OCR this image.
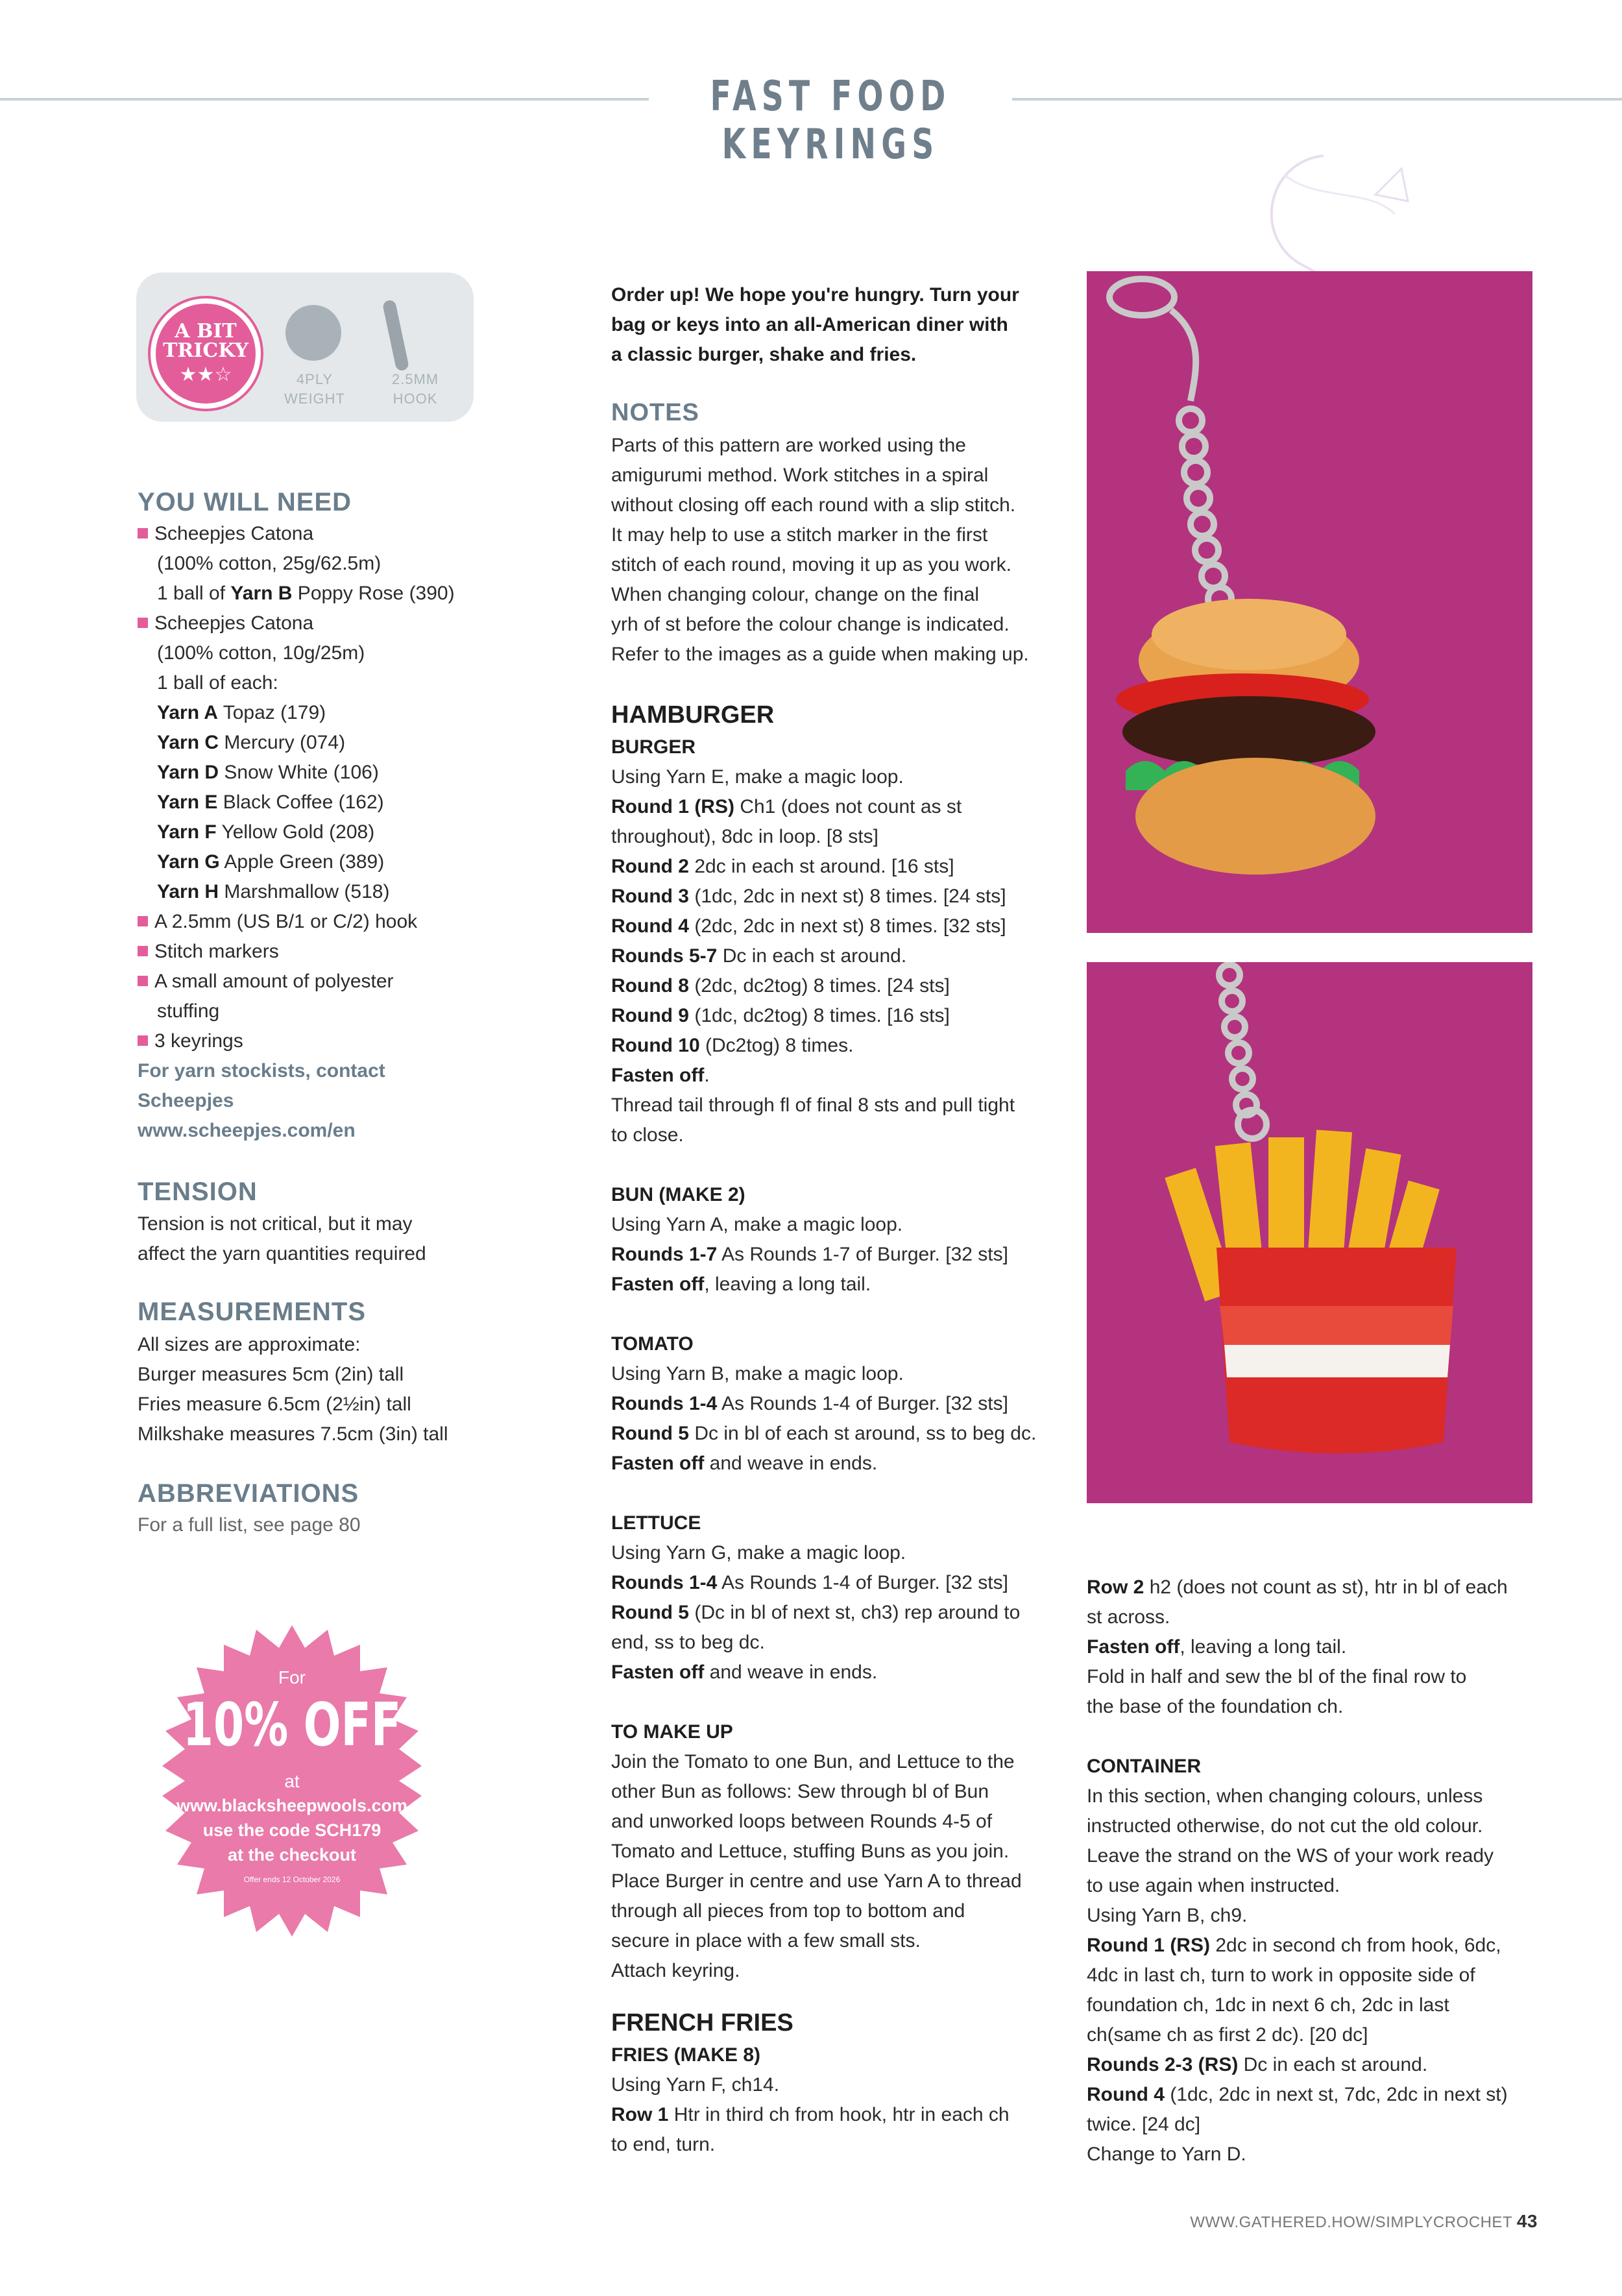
FAST FOOD KEYRINGS
A BIT
TRICKY
★★☆	4PLY
WEIGHT
2.5MM
HOOK
YOU WILL NEED
Scheepjes Catona
(100% cotton, 25g/62.5m)
1 ball of Yarn B Poppy Rose (390)
Scheepjes Catona
(100% cotton, 10g/25m)
1 ball of each:
Yarn A Topaz (179)
Yarn C Mercury (074)
Yarn D Snow White (106)
Yarn E Black Coffee (162)
Yarn F Yellow Gold (208)
Yarn G Apple Green (389)
Yarn H Marshmallow (518)
A 2.5mm (US B/1 or C/2) hook
Stitch markers
A small amount of polyester
stuffing
3 keyrings
For yarn stockists, contact
Scheepjes
www.scheepjes.com/en
TENSION
Tension is not critical, but it may
affect the yarn quantities required
MEASUREMENTS
All sizes are approximate:
Burger measures 5cm (2in) tall
Fries measure 6.5cm (2½in) tall
Milkshake measures 7.5cm (3in) tall
ABBREVIATIONS
For a full list, see page 80
For
10% OFF
at
www.blacksheepwools.com
use the code SCH179
at the checkout
Offer ends 12 October 2026
Order up! We hope you're hungry. Turn your
bag or keys into an all-American diner with
a classic burger, shake and fries.
NOTES
Parts of this pattern are worked using the
amigurumi method. Work stitches in a spiral
without closing off each round with a slip stitch.
It may help to use a stitch marker in the first
stitch of each round, moving it up as you work.
When changing colour, change on the final
yrh of st before the colour change is indicated.
Refer to the images as a guide when making up.
HAMBURGER
BURGER
Using Yarn E, make a magic loop.
Round 1 (RS) Ch1 (does not count as st
throughout), 8dc in loop. [8 sts]
Round 2 2dc in each st around. [16 sts]
Round 3 (1dc, 2dc in next st) 8 times. [24 sts]
Round 4 (2dc, 2dc in next st) 8 times. [32 sts]
Rounds 5-7 Dc in each st around.
Round 8 (2dc, dc2tog) 8 times. [24 sts]
Round 9 (1dc, dc2tog) 8 times. [16 sts]
Round 10 (Dc2tog) 8 times.
Fasten off.
Thread tail through fl of final 8 sts and pull tight
to close.
BUN (MAKE 2)
Using Yarn A, make a magic loop.
Rounds 1-7 As Rounds 1-7 of Burger. [32 sts]
Fasten off, leaving a long tail.
TOMATO
Using Yarn B, make a magic loop.
Rounds 1-4 As Rounds 1-4 of Burger. [32 sts]
Round 5 Dc in bl of each st around, ss to beg dc.
Fasten off and weave in ends.
LETTUCE
Using Yarn G, make a magic loop.
Rounds 1-4 As Rounds 1-4 of Burger. [32 sts]
Round 5 (Dc in bl of next st, ch3) rep around to
end, ss to beg dc.
Fasten off and weave in ends.
TO MAKE UP
Join the Tomato to one Bun, and Lettuce to the
other Bun as follows: Sew through bl of Bun
and unworked loops between Rounds 4-5 of
Tomato and Lettuce, stuffing Buns as you join.
Place Burger in centre and use Yarn A to thread
through all pieces from top to bottom and
secure in place with a few small sts.
Attach keyring.
FRENCH FRIES
FRIES (MAKE 8)
Using Yarn F, ch14.
Row 1 Htr in third ch from hook, htr in each ch
to end, turn.
Row 2 h2 (does not count as st), htr in bl of each
st across.
Fasten off, leaving a long tail.
Fold in half and sew the bl of the final row to
the base of the foundation ch.
CONTAINER
In this section, when changing colours, unless
instructed otherwise, do not cut the old colour.
Leave the strand on the WS of your work ready
to use again when instructed.
Using Yarn B, ch9.
Round 1 (RS) 2dc in second ch from hook, 6dc,
4dc in last ch, turn to work in opposite side of
foundation ch, 1dc in next 6 ch, 2dc in last
ch(same ch as first 2 dc). [20 dc]
Rounds 2-3 (RS) Dc in each st around.
Round 4 (1dc, 2dc in next st, 7dc, 2dc in next st)
twice. [24 dc]
Change to Yarn D.
WWW.GATHERED.HOW/SIMPLYCROCHET 43
